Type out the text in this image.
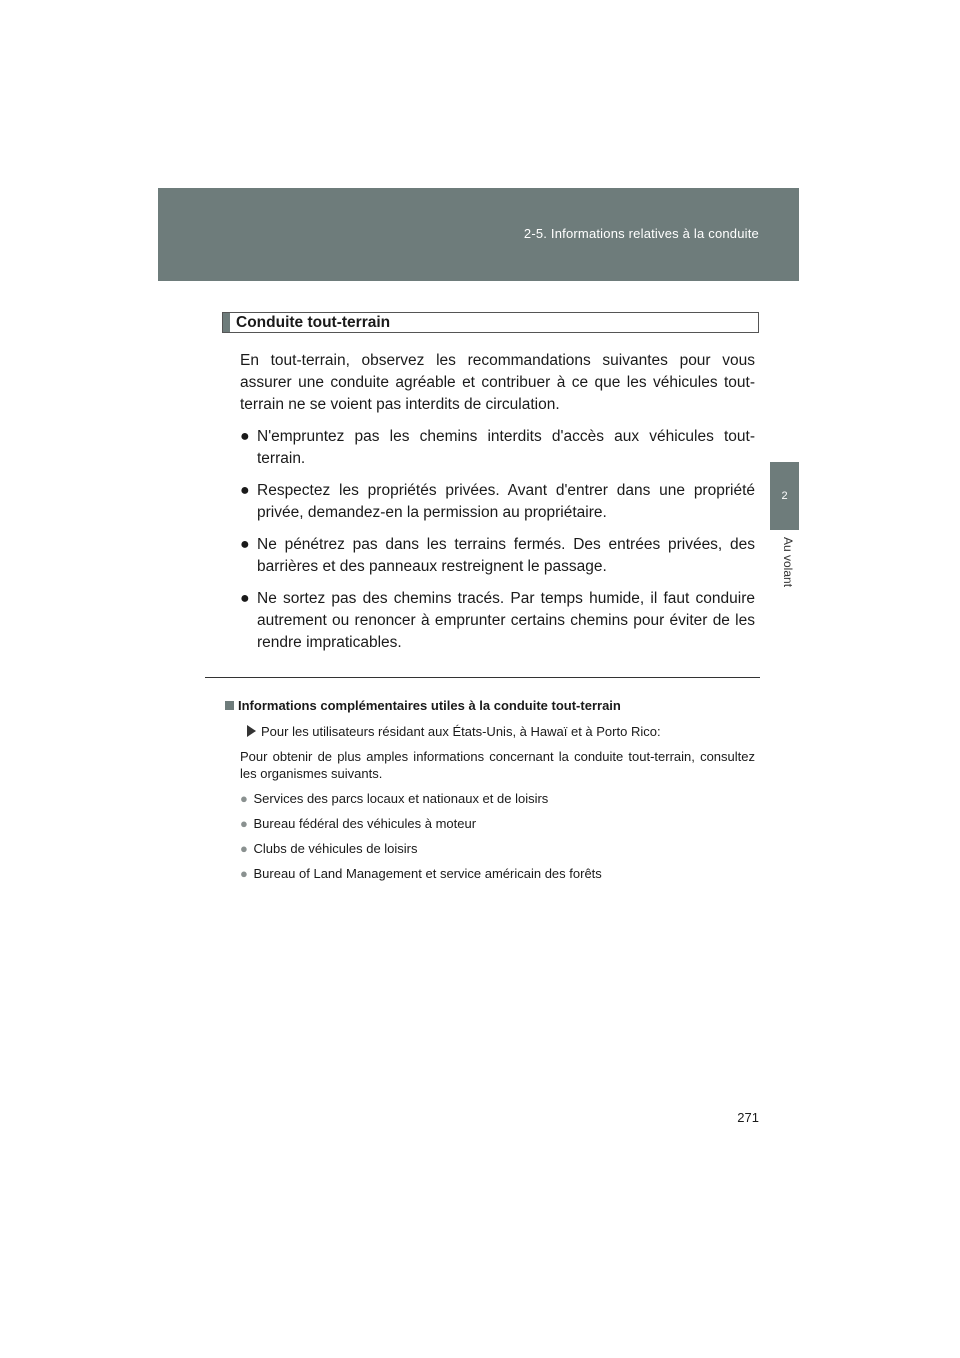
2-5. Informations relatives à la conduite
2
Au volant
Conduite tout-terrain

En tout-terrain, observez les recommandations suivantes pour vous assurer une conduite agréable et contribuer à ce que les véhicules tout-terrain ne se voient pas interdits de circulation.

● N'empruntez pas les chemins interdits d'accès aux véhicules tout-terrain.
● Respectez les propriétés privées. Avant d'entrer dans une propriété privée, demandez-en la permission au propriétaire.
● Ne pénétrez pas dans les terrains fermés. Des entrées privées, des barrières et des panneaux restreignent le passage.
● Ne sortez pas des chemins tracés. Par temps humide, il faut conduire autrement ou renoncer à emprunter certains chemins pour éviter de les rendre impraticables.

Informations complémentaires utiles à la conduite tout-terrain

Pour les utilisateurs résidant aux États-Unis, à Hawaï et à Porto Rico:

Pour obtenir de plus amples informations concernant la conduite tout-terrain, consultez les organismes suivants.

● Services des parcs locaux et nationaux et de loisirs
● Bureau fédéral des véhicules à moteur
● Clubs de véhicules de loisirs
● Bureau of Land Management et service américain des forêts
271
